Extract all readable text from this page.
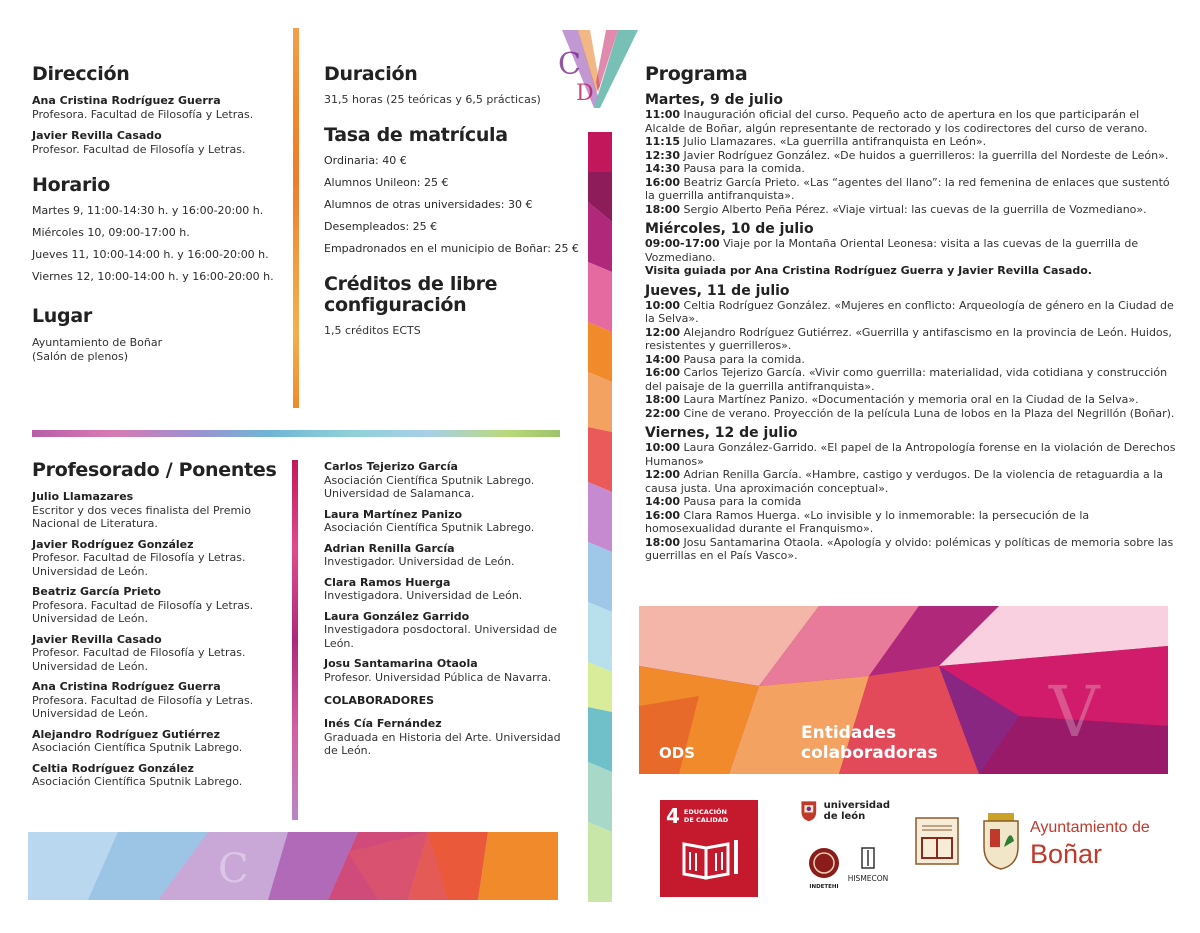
Dirección
Ana Cristina Rodríguez Guerra
Profesora. Facultad de Filosofía y Letras.
Javier Revilla Casado
Profesor. Facultad de Filosofía y Letras.
Horario
Martes 9, 11:00-14:30 h. y 16:00-20:00 h.
Miércoles 10, 09:00-17:00 h.
Jueves 11, 10:00-14:00 h. y 16:00-20:00 h.
Viernes 12, 10:00-14:00 h. y 16:00-20:00 h.
Lugar
Ayuntamiento de Boñar
(Salón de plenos)
Duración
31,5 horas (25 teóricas y 6,5 prácticas)
Tasa de matrícula
Ordinaria: 40 €
Alumnos Unileon: 25 €
Alumnos de otras universidades: 30 €
Desempleados: 25 €
Empadronados en el municipio de Boñar: 25 €
Créditos de libre
configuración
1,5 créditos ECTS
C
D
Profesorado / Ponentes
Julio Llamazares
Escritor y dos veces finalista del Premio
Nacional de Literatura.
Javier Rodríguez González
Profesor. Facultad de Filosofía y Letras.
Universidad de León.
Beatriz García Prieto
Profesora. Facultad de Filosofía y Letras.
Universidad de León.
Javier Revilla Casado
Profesor. Facultad de Filosofía y Letras.
Universidad de León.
Ana Cristina Rodríguez Guerra
Profesora. Facultad de Filosofía y Letras.
Universidad de León.
Alejandro Rodríguez Gutiérrez
Asociación Científica Sputnik Labrego.
Celtia Rodríguez González
Asociación Científica Sputnik Labrego.
Carlos Tejerizo García
Asociación Científica Sputnik Labrego.
Universidad de Salamanca.
Laura Martínez Panizo
Asociación Científica Sputnik Labrego.
Adrian Renilla García
Investigador. Universidad de León.
Clara Ramos Huerga
Investigadora. Universidad de León.
Laura González Garrido
Investigadora posdoctoral. Universidad de
León.
Josu Santamarina Otaola
Profesor. Universidad Pública de Navarra.
COLABORADORES
Inés Cía Fernández
Graduada en Historia del Arte. Universidad
de León.
C
Programa
Martes, 9 de julio
11:00 Inauguración oficial del curso. Pequeño acto de apertura en los que participarán el Alcalde de Boñar, algún representante de rectorado y los codirectores del curso de verano.
11:15 Julio Llamazares. «La guerrilla antifranquista en León».
12:30 Javier Rodríguez González. «De huidos a guerrilleros: la guerrilla del Nordeste de León».
14:30 Pausa para la comida.
16:00 Beatriz García Prieto. «Las “agentes del llano”: la red femenina de enlaces que sustentó la guerrilla antifranquista».
18:00 Sergio Alberto Peña Pérez. «Viaje virtual: las cuevas de la guerrilla de Vozmediano».
Miércoles, 10 de julio
09:00-17:00 Viaje por la Montaña Oriental Leonesa: visita a las cuevas de la guerrilla de Vozmediano.
Visita guiada por Ana Cristina Rodríguez Guerra y Javier Revilla Casado.
Jueves, 11 de julio
10:00 Celtia Rodríguez González. «Mujeres en conflicto: Arqueología de género en la Ciudad de la Selva».
12:00 Alejandro Rodríguez Gutiérrez. «Guerrilla y antifascismo en la provincia de León. Huidos, resistentes y guerrilleros».
14:00 Pausa para la comida.
16:00 Carlos Tejerizo García. «Vivir como guerrilla: materialidad, vida cotidiana y construcción del paisaje de la guerrilla antifranquista».
18:00 Laura Martínez Panizo. «Documentación y memoria oral en la Ciudad de la Selva».
22:00 Cine de verano. Proyección de la película Luna de lobos en la Plaza del Negrillón (Boñar).
Viernes, 12 de julio
10:00 Laura González-Garrido. «El papel de la Antropología forense en la violación de Derechos Humanos»
12:00 Adrian Renilla García. «Hambre, castigo y verdugos. De la violencia de retaguardia a la causa justa. Una aproximación conceptual».
14:00 Pausa para la comida
16:00 Clara Ramos Huerga. «Lo invisible y lo inmemorable: la persecución de la homosexualidad durante el Franquismo».
18:00 Josu Santamarina Otaola. «Apología y olvido: polémicas y políticas de memoria sobre las guerrillas en el País Vasco».
V
ODS
Entidades
colaboradoras
4 EDUCACIÓN
DE CALIDAD
universidad
de león
INDETEHI
HISMECON
Ayuntamiento de
Boñar
